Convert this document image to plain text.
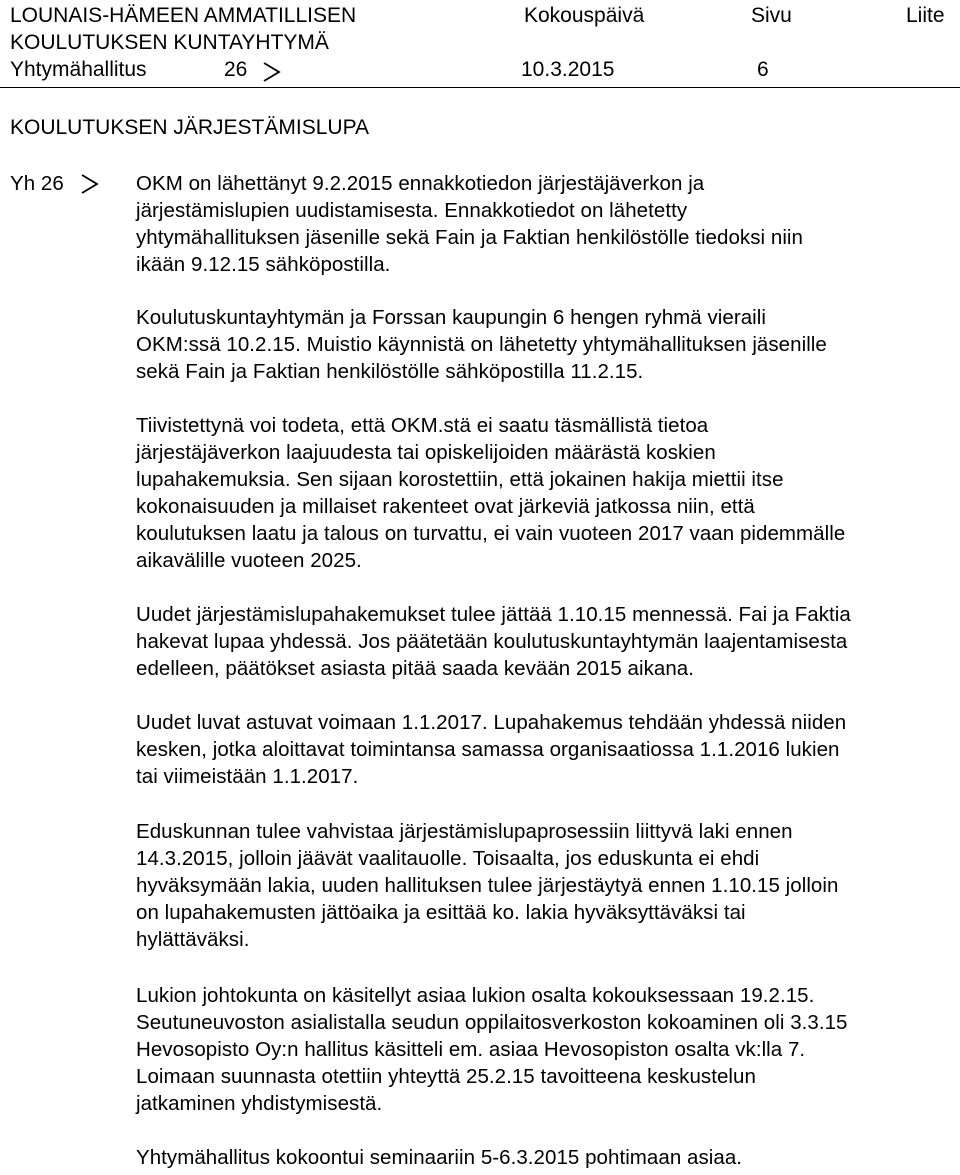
LOUNAIS-HÄMEEN AMMATILLISEN	Kokouspäivä	Sivu	Liite
KOULUTUKSEN KUNTAYHTYMÄ
Yhtymähallitus	26	10.3.2015	6
KOULUTUKSEN JÄRJESTÄMISLUPA
Yh 26	OKM on lähettänyt 9.2.2015 ennakkotiedon järjestäjäverkon ja
järjestämislupien uudistamisesta. Ennakkotiedot on lähetetty
yhtymähallituksen jäsenille sekä Fain ja Faktian henkilöstölle tiedoksi niin
ikään 9.12.15 sähköpostilla.
Koulutuskuntayhtymän ja Forssan kaupungin 6 hengen ryhmä vieraili
OKM:ssä 10.2.15. Muistio käynnistä on lähetetty yhtymähallituksen jäsenille
sekä Fain ja Faktian henkilöstölle sähköpostilla 11.2.15.
Tiivistettynä voi todeta, että OKM.stä ei saatu täsmällistä tietoa
järjestäjäverkon laajuudesta tai opiskelijoiden määrästä koskien
lupahakemuksia. Sen sijaan korostettiin, että jokainen hakija miettii itse
kokonaisuuden ja millaiset rakenteet ovat järkeviä jatkossa niin, että
koulutuksen laatu ja talous on turvattu, ei vain vuoteen 2017 vaan pidemmälle
aikavälille vuoteen 2025.
Uudet järjestämislupahakemukset tulee jättää 1.10.15 mennessä. Fai ja Faktia
hakevat lupaa yhdessä. Jos päätetään koulutuskuntayhtymän laajentamisesta
edelleen, päätökset asiasta pitää saada kevään 2015 aikana.
Uudet luvat astuvat voimaan 1.1.2017. Lupahakemus tehdään yhdessä niiden
kesken, jotka aloittavat toimintansa samassa organisaatiossa 1.1.2016 lukien
tai viimeistään 1.1.2017.
Eduskunnan tulee vahvistaa järjestämislupaprosessiin liittyvä laki ennen
14.3.2015, jolloin jäävät vaalitauolle. Toisaalta, jos eduskunta ei ehdi
hyväksymään lakia, uuden hallituksen tulee järjestäytyä ennen 1.10.15 jolloin
on lupahakemusten jättöaika ja esittää ko. lakia hyväksyttäväksi tai
hylättäväksi.
Lukion johtokunta on käsitellyt asiaa lukion osalta kokouksessaan 19.2.15.
Seutuneuvoston asialistalla seudun oppilaitosverkoston kokoaminen oli 3.3.15
Hevosopisto Oy:n hallitus käsitteli em. asiaa Hevosopiston osalta vk:lla 7.
Loimaan suunnasta otettiin yhteyttä 25.2.15 tavoitteena keskustelun
jatkaminen yhdistymisestä.
Yhtymähallitus kokoontui seminaariin 5-6.3.2015 pohtimaan asiaa.
